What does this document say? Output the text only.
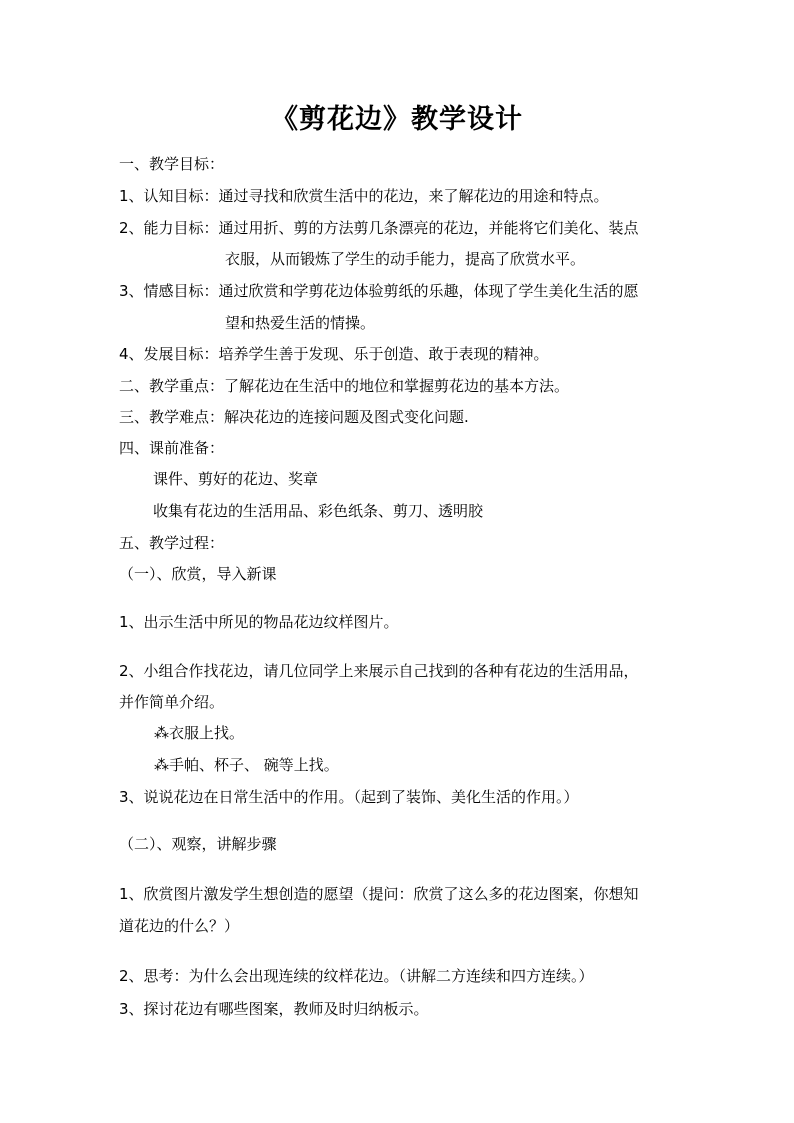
《剪花边》教学设计
一、教学目标：
1、认知目标：通过寻找和欣赏生活中的花边，来了解花边的用途和特点。
2、能力目标：通过用折、剪的方法剪几条漂亮的花边，并能将它们美化、装点
衣服，从而锻炼了学生的动手能力，提高了欣赏水平。
3、情感目标：通过欣赏和学剪花边体验剪纸的乐趣，体现了学生美化生活的愿
望和热爱生活的情操。
4、发展目标：培养学生善于发现、乐于创造、敢于表现的精神。
二、教学重点：了解花边在生活中的地位和掌握剪花边的基本方法。
三、教学难点：解决花边的连接问题及图式变化问题.
四、课前准备：
课件、剪好的花边、奖章
收集有花边的生活用品、彩色纸条、剪刀、透明胶
五、教学过程：
（一）、欣赏，导入新课
1、出示生活中所见的物品花边纹样图片。
2、小组合作找花边，请几位同学上来展示自己找到的各种有花边的生活用品，
并作简单介绍。
⁂衣服上找。
⁂手帕、杯子、 碗等上找。
3、说说花边在日常生活中的作用。（起到了装饰、美化生活的作用。）
（二）、观察，讲解步骤
1、欣赏图片激发学生想创造的愿望（提问：欣赏了这么多的花边图案，你想知
道花边的什么？）
2、思考：为什么会出现连续的纹样花边。（讲解二方连续和四方连续。）
3、探讨花边有哪些图案，教师及时归纳板示。
